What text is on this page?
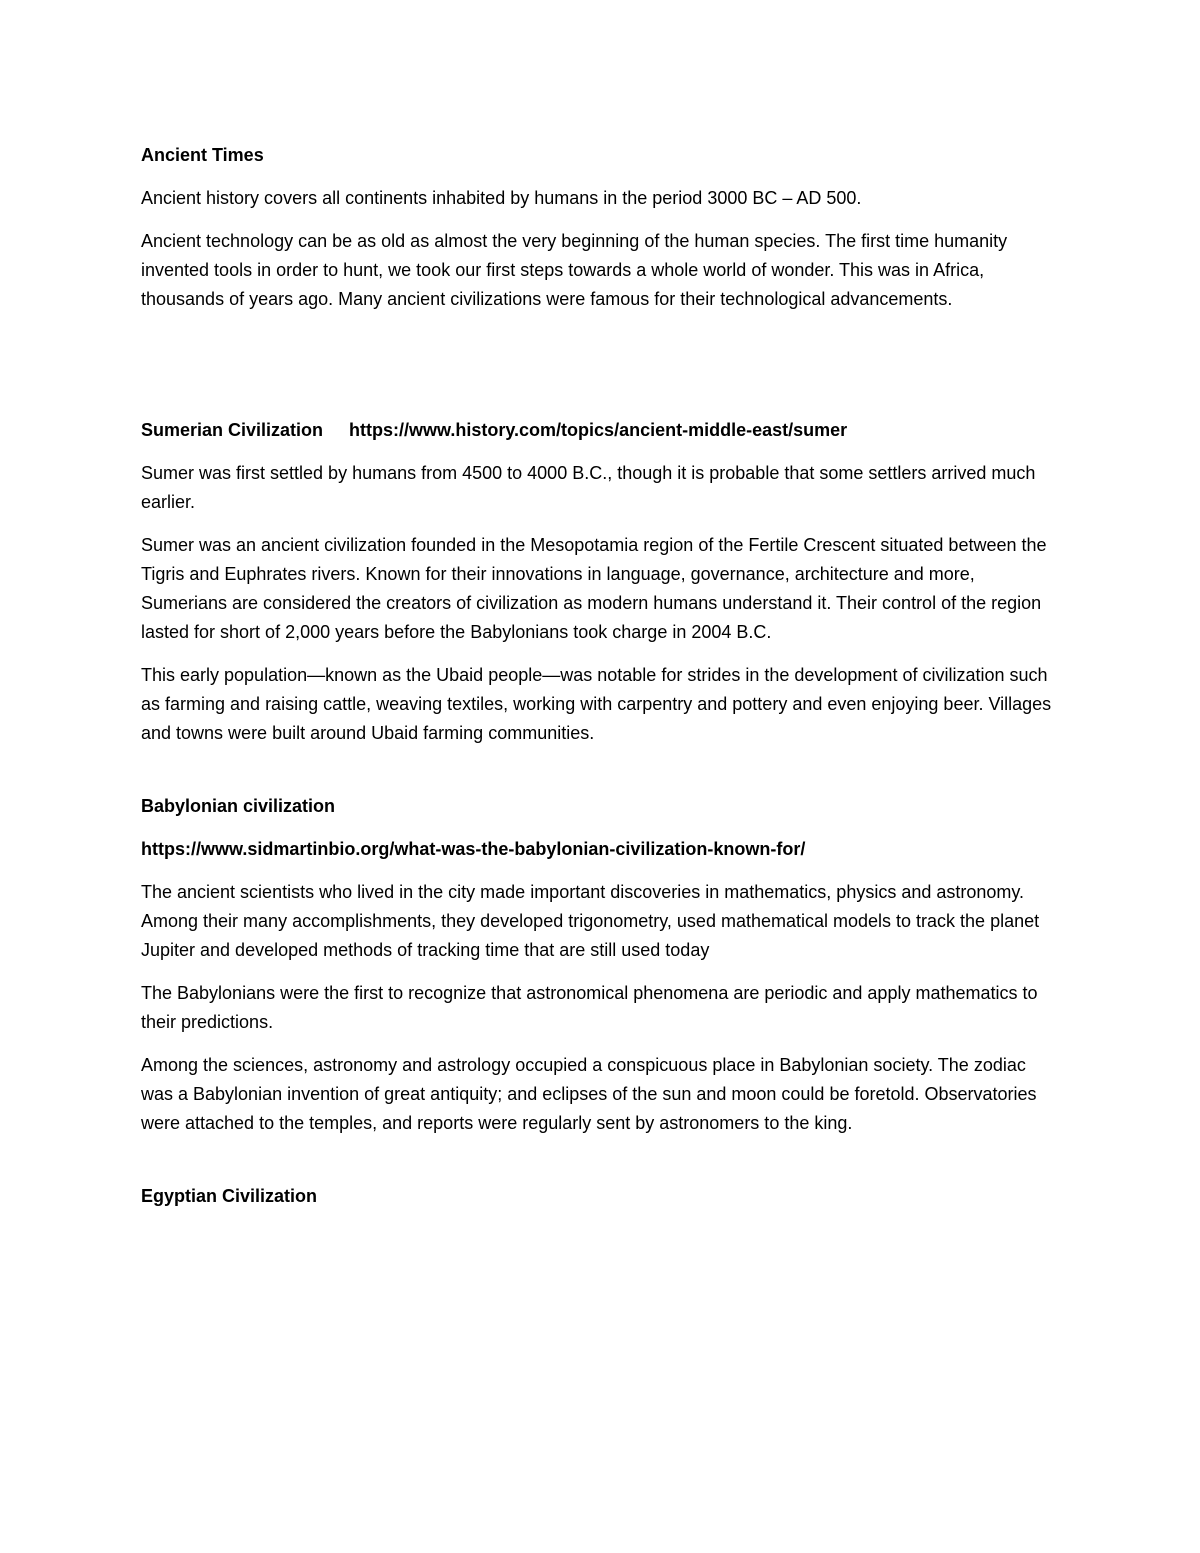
Ancient Times

Ancient history covers all continents inhabited by humans in the period 3000 BC – AD 500.

Ancient technology can be as old as almost the very beginning of the human species. The first time humanity invented tools in order to hunt, we took our first steps towards a whole world of wonder. This was in Africa, thousands of years ago. Many ancient civilizations were famous for their technological advancements.

Sumerian Civilization https://www.history.com/topics/ancient-middle-east/sumer

Sumer was first settled by humans from 4500 to 4000 B.C., though it is probable that some settlers arrived much earlier.

Sumer was an ancient civilization founded in the Mesopotamia region of the Fertile Crescent situated between the Tigris and Euphrates rivers. Known for their innovations in language, governance, architecture and more, Sumerians are considered the creators of civilization as modern humans understand it. Their control of the region lasted for short of 2,000 years before the Babylonians took charge in 2004 B.C.

This early population—known as the Ubaid people—was notable for strides in the development of civilization such as farming and raising cattle, weaving textiles, working with carpentry and pottery and even enjoying beer. Villages and towns were built around Ubaid farming communities.

Babylonian civilization

https://www.sidmartinbio.org/what-was-the-babylonian-civilization-known-for/

The ancient scientists who lived in the city made important discoveries in mathematics, physics and astronomy. Among their many accomplishments, they developed trigonometry, used mathematical models to track the planet Jupiter and developed methods of tracking time that are still used today

The Babylonians were the first to recognize that astronomical phenomena are periodic and apply mathematics to their predictions.

Among the sciences, astronomy and astrology occupied a conspicuous place in Babylonian society. The zodiac was a Babylonian invention of great antiquity; and eclipses of the sun and moon could be foretold. Observatories were attached to the temples, and reports were regularly sent by astronomers to the king.

Egyptian Civilization
